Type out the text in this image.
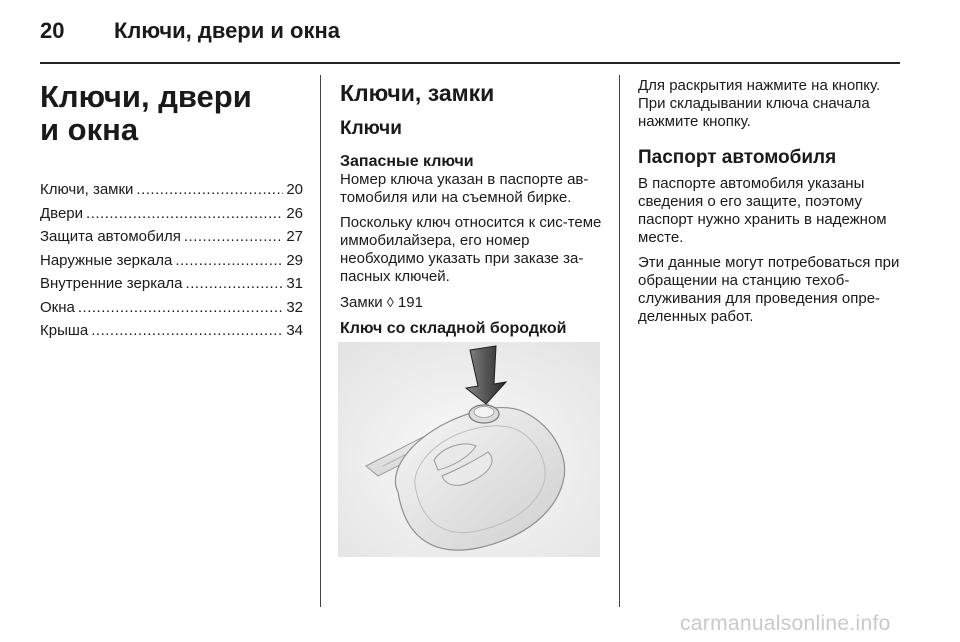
20 Ключи, двери и окна
Ключи, двери
и окна
Ключи, замки .....	20
Двери .....	26
Защита автомобиля .....	27
Наружные зеркала .....	29
Внутренние зеркала .....	31
Окна .....	32
Крыша .....	34
Ключи, замки
Ключи
Запасные ключи

Номер ключа указан в паспорте ав-томобиля или на съемной бирке.

Поскольку ключ относится к сис-теме иммобилайзера, его номер необходимо указать при заказе за-пасных ключей.

Замки ◊ 191

Ключ со складной бородкой

Для раскрытия нажмите на кнопку. При складывании ключа сначала нажмите кнопку.

Паспорт автомобиля

В паспорте автомобиля указаны сведения о его защите, поэтому паспорт нужно хранить в надежном месте.

Эти данные могут потребоваться при обращении на станцию техоб-служивания для проведения опре-деленных работ.

carmanualsonline.info
